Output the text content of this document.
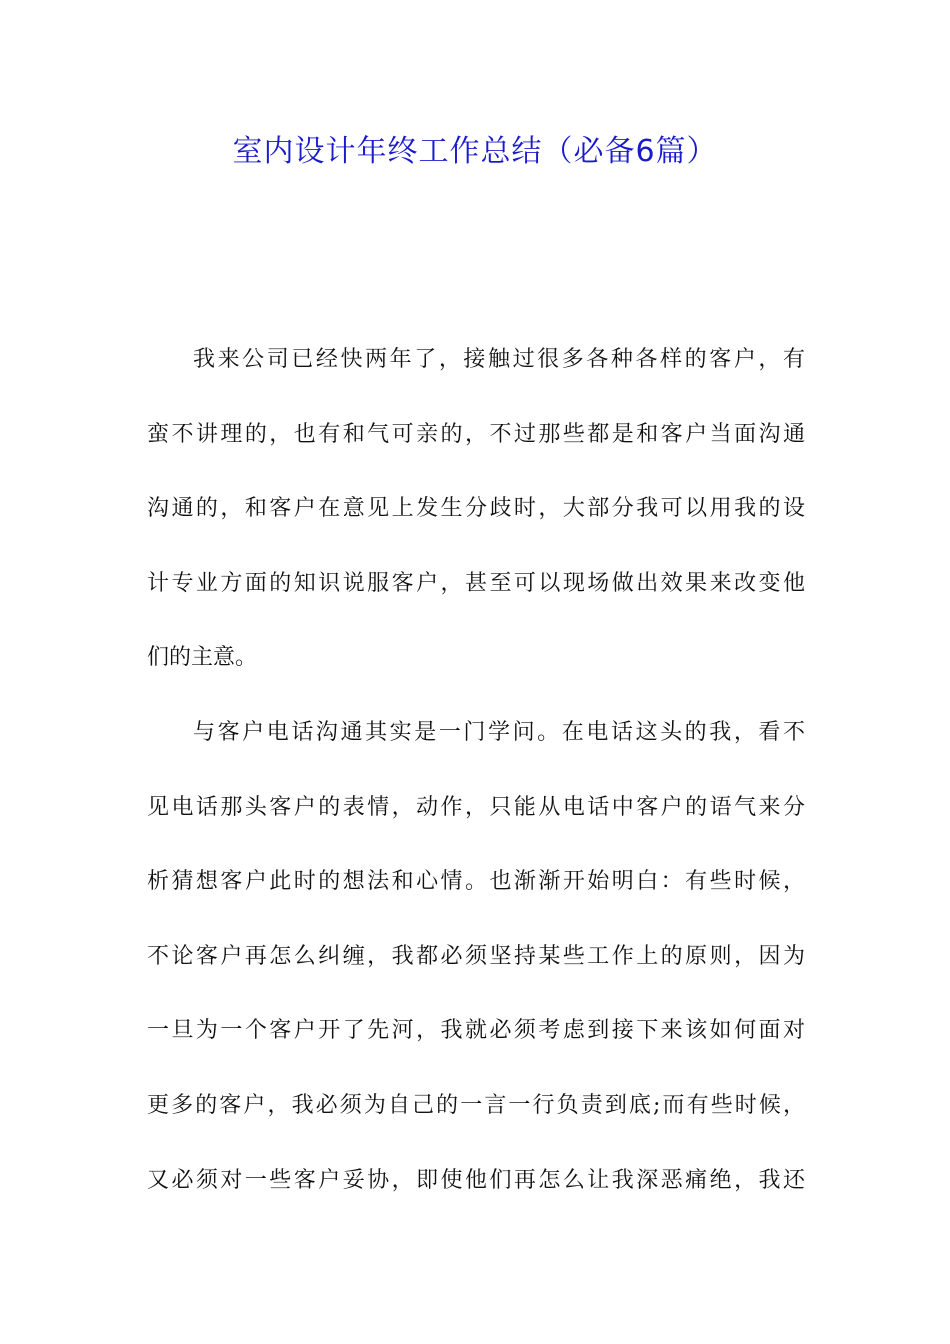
室内设计年终工作总结（必备6篇）
我来公司已经快两年了，接触过很多各种各样的客户，有
蛮不讲理的，也有和气可亲的，不过那些都是和客户当面沟通
沟通的，和客户在意见上发生分歧时，大部分我可以用我的设
计专业方面的知识说服客户，甚至可以现场做出效果来改变他
们的主意。
与客户电话沟通其实是一门学问。在电话这头的我，看不
见电话那头客户的表情，动作，只能从电话中客户的语气来分
析猜想客户此时的想法和心情。也渐渐开始明白：有些时候，
不论客户再怎么纠缠，我都必须坚持某些工作上的原则，因为
一旦为一个客户开了先河，我就必须考虑到接下来该如何面对
更多的客户，我必须为自己的一言一行负责到底;而有些时候，
又必须对一些客户妥协，即使他们再怎么让我深恶痛绝，我还
